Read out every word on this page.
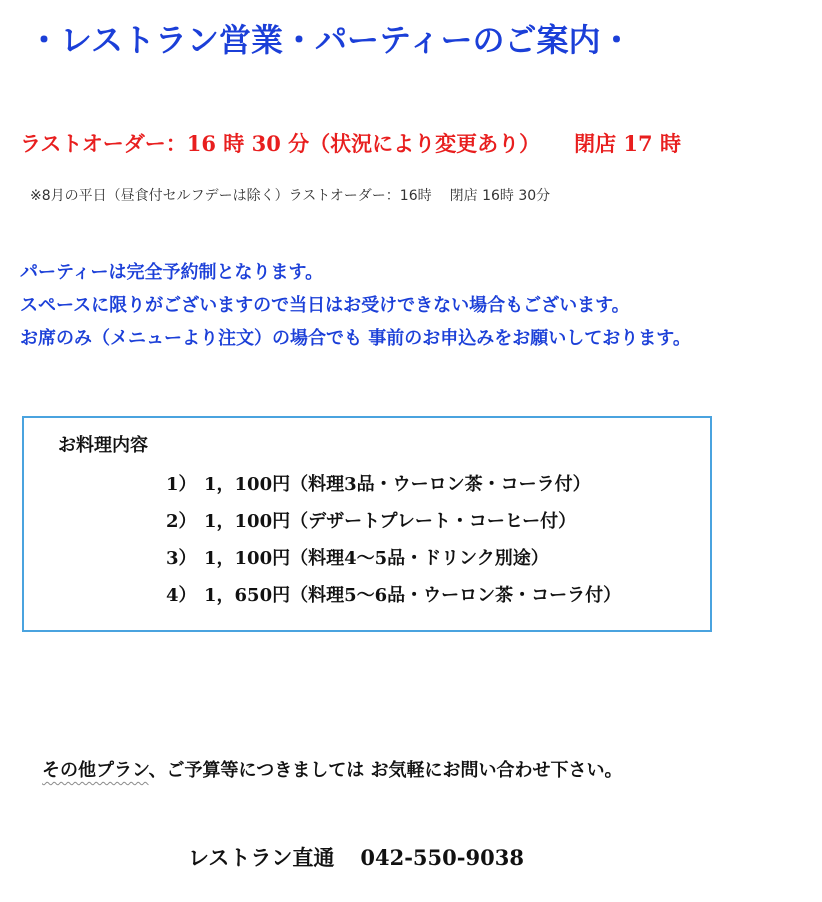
・レストラン営業・パーティーのご案内・
ラストオーダー：16 時 30 分（状況により変更あり） 閉店 17 時
※8月の平日（昼食付セルフデーは除く）ラストオーダー：16時 閉店 16時 30分

パーティーは完全予約制となります。

スペースに限りがございますので当日はお受けできない場合もございます。

お席のみ（メニューより注文）の場合でも 事前のお申込みをお願いしております。

お料理内容
1） 1，100円（料理3品・ウーロン茶・コーラ付）
2） 1，100円（デザートプレート・コーヒー付）
3） 1，100円（料理4～5品・ドリンク別途）
4） 1，650円（料理5～6品・ウーロン茶・コーラ付）
その他プラン、ご予算等につきましては お気軽にお問い合わせ下さい。
レストラン直通 042-550-9038
